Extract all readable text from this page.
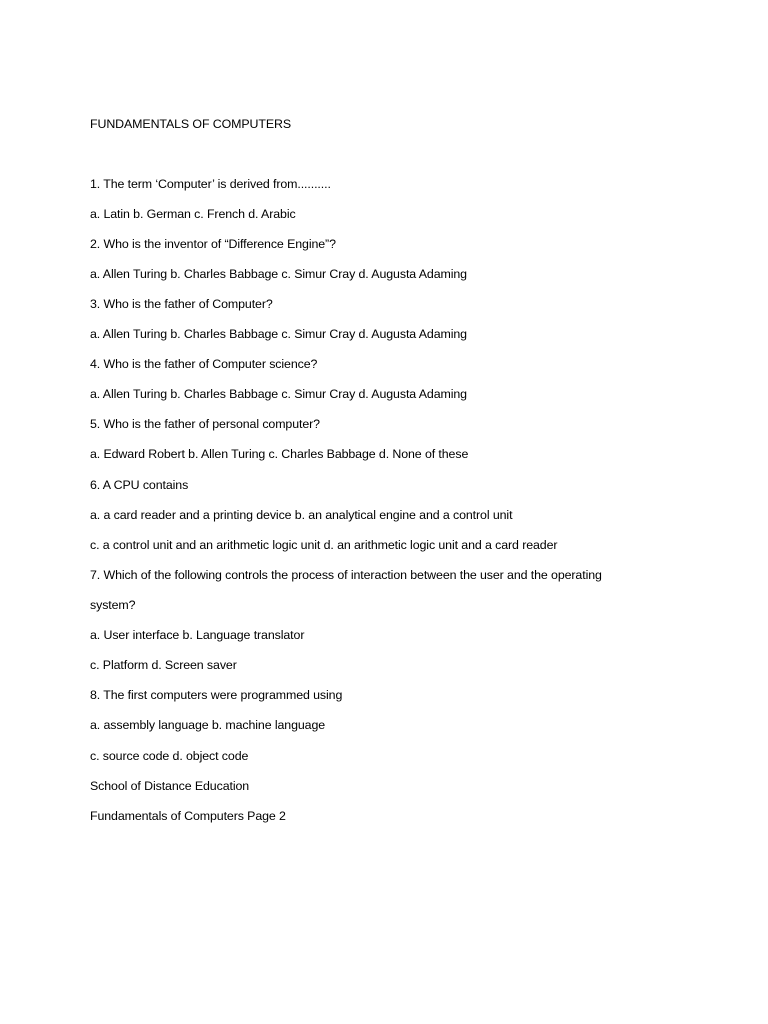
FUNDAMENTALS OF COMPUTERS
1. The term ‘Computer’ is derived from..........
a. Latin b. German c. French d. Arabic
2. Who is the inventor of “Difference Engine”?
a. Allen Turing b. Charles Babbage c. Simur Cray d. Augusta Adaming
3. Who is the father of Computer?
a. Allen Turing b. Charles Babbage c. Simur Cray d. Augusta Adaming
4. Who is the father of Computer science?
a. Allen Turing b. Charles Babbage c. Simur Cray d. Augusta Adaming
5. Who is the father of personal computer?
a. Edward Robert b. Allen Turing c. Charles Babbage d. None of these
6. A CPU contains
a. a card reader and a printing device b. an analytical engine and a control unit
c. a control unit and an arithmetic logic unit d. an arithmetic logic unit and a card reader
7. Which of the following controls the process of interaction between the user and the operating
system?
a. User interface b. Language translator
c. Platform d. Screen saver
8. The first computers were programmed using
a. assembly language b. machine language
c. source code d. object code
School of Distance Education
Fundamentals of Computers Page 2
